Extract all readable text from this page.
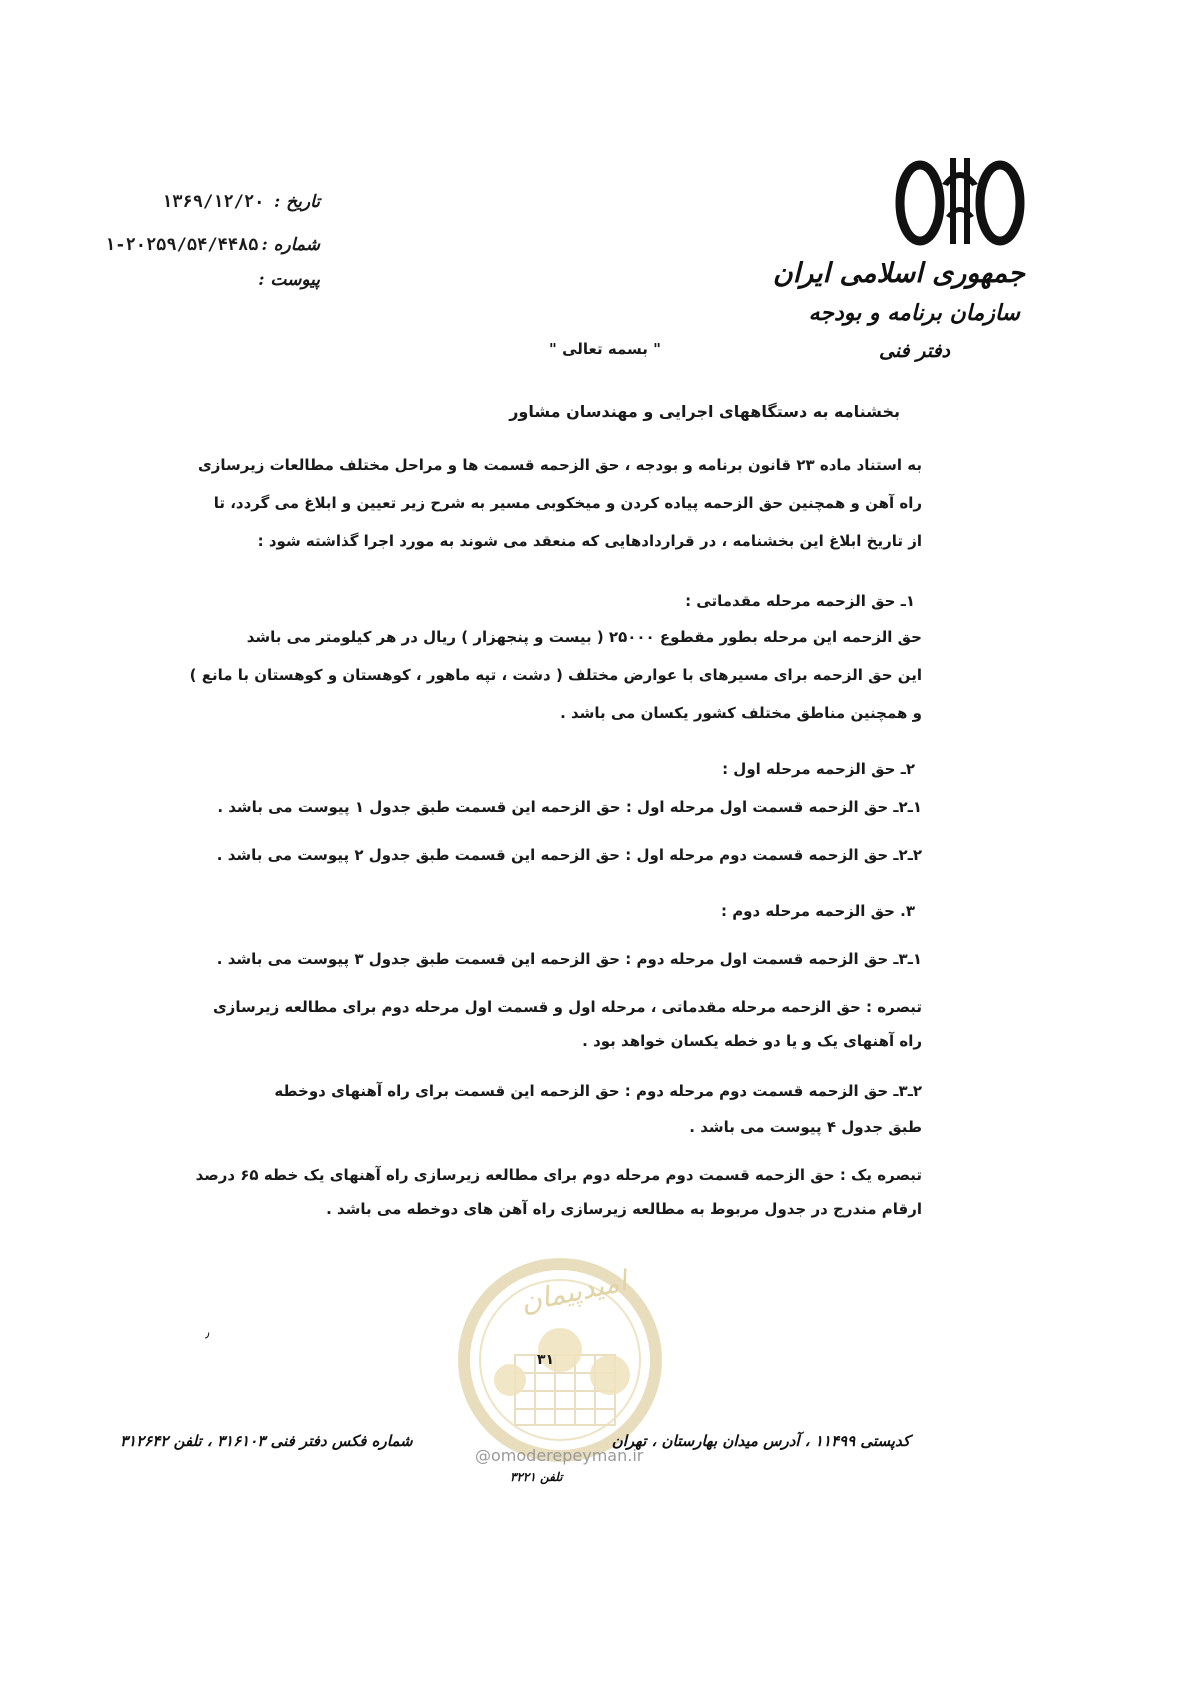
جمهوری اسلامی ایران
سازمان برنامه و بودجه
دفتر فنی
تاریخ :
۱۳۶۹/۱۲/۲۰
شماره :
۱-۲۰۲۵۹/۵۴/۴۴۸۵
پیوست :
" بسمه تعالی "
بخشنامه به دستگاههای اجرایی و مهندسان مشاور
به استناد ماده ۲۳ قانون برنامه و بودجه ، حق الزحمه قسمت ها و مراحل مختلف مطالعات زیرسازی
راه آهن و همچنین حق الزحمه پیاده کردن و میخکوبی مسیر به شرح زیر تعیین و ابلاغ می گردد، تا
از تاریخ ابلاغ این بخشنامه ، در قراردادهایی که منعقد می شوند به مورد اجرا گذاشته شود :
۱ـ حق الزحمه مرحله مقدماتی :
حق الزحمه این مرحله بطور مقطوع ۲۵۰۰۰ ( بیست و پنجهزار ) ریال در هر کیلومتر می باشد
این حق الزحمه برای مسیرهای با عوارض مختلف ( دشت ، تپه ماهور ، کوهستان و کوهستان با مانع )
و همچنین مناطق مختلف کشور یکسان می باشد .
۲ـ حق الزحمه مرحله اول :
۱ـ۲ـ حق الزحمه قسمت اول مرحله اول : حق الزحمه این قسمت طبق جدول ۱ پیوست می باشد .
۲ـ۲ـ حق الزحمه قسمت دوم مرحله اول : حق الزحمه این قسمت طبق جدول ۲ پیوست می باشد .
۳. حق الزحمه مرحله دوم :
۱ـ۳ـ حق الزحمه قسمت اول مرحله دوم : حق الزحمه این قسمت طبق جدول ۳ پیوست می باشد .
تبصره : حق الزحمه مرحله مقدماتی ، مرحله اول و قسمت اول مرحله دوم برای مطالعه زیرسازی
راه آهنهای یک و یا دو خطه یکسان خواهد بود .
۲ـ۳ـ حق الزحمه قسمت دوم مرحله دوم : حق الزحمه این قسمت برای راه آهنهای دوخطه
طبق جدول ۴ پیوست می باشد .
تبصره یک : حق الزحمه قسمت دوم مرحله دوم برای مطالعه زیرسازی راه آهنهای یک خطه ۶۵ درصد
ارقام مندرج در جدول مربوط به مطالعه زیرسازی راه آهن های دوخطه می باشد .
امیدپیمان
۳۱
@omoderepeyman.ir
٫
کدپستی ۱۱۴۹۹ ، آدرس میدان بهارستان ، تهران
شماره فکس دفتر فنی ۳۱۶۱۰۳ ، تلفن ۳۱۲۶۴۲
تلفن ۳۲۲۱
